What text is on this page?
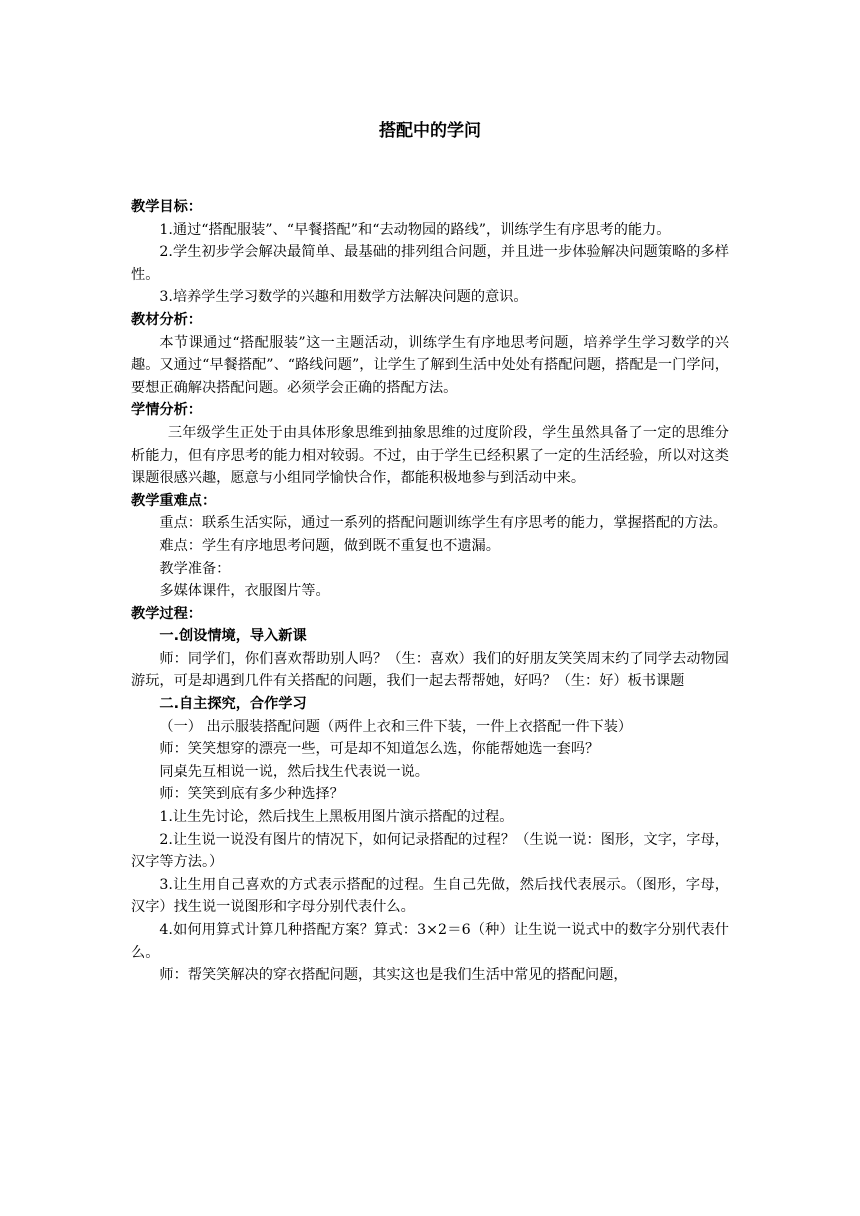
搭配中的学问

教学目标：

1.通过“搭配服装”、“早餐搭配”和“去动物园的路线”，训练学生有序思考的能力。

2.学生初步学会解决最简单、最基础的排列组合问题，并且进一步体验解决问题策略的多样性。

3.培养学生学习数学的兴趣和用数学方法解决问题的意识。

教材分析：

本节课通过“搭配服装”这一主题活动，训练学生有序地思考问题，培养学生学习数学的兴趣。又通过“早餐搭配”、“路线问题”，让学生了解到生活中处处有搭配问题，搭配是一门学问，要想正确解决搭配问题。必须学会正确的搭配方法。

学情分析：

三年级学生正处于由具体形象思维到抽象思维的过度阶段，学生虽然具备了一定的思维分析能力，但有序思考的能力相对较弱。不过，由于学生已经积累了一定的生活经验，所以对这类课题很感兴趣，愿意与小组同学愉快合作，都能积极地参与到活动中来。

教学重难点：

重点：联系生活实际，通过一系列的搭配问题训练学生有序思考的能力，掌握搭配的方法。

难点：学生有序地思考问题，做到既不重复也不遗漏。

教学准备：

多媒体课件，衣服图片等。

教学过程：

一.创设情境，导入新课

师：同学们，你们喜欢帮助别人吗？（生：喜欢）我们的好朋友笑笑周末约了同学去动物园游玩，可是却遇到几件有关搭配的问题，我们一起去帮帮她，好吗？（生：好）板书课题

二.自主探究，合作学习

（一） 出示服装搭配问题（两件上衣和三件下装，一件上衣搭配一件下装）

师：笑笑想穿的漂亮一些，可是却不知道怎么选，你能帮她选一套吗？

同桌先互相说一说，然后找生代表说一说。

师：笑笑到底有多少种选择？

1.让生先讨论，然后找生上黑板用图片演示搭配的过程。

2.让生说一说没有图片的情况下，如何记录搭配的过程？（生说一说：图形，文字，字母，汉字等方法。）

3.让生用自己喜欢的方式表示搭配的过程。生自己先做，然后找代表展示。（图形，字母，汉字）找生说一说图形和字母分别代表什么。

4.如何用算式计算几种搭配方案？算式：3×2＝6（种）让生说一说式中的数字分别代表什么。

师：帮笑笑解决的穿衣搭配问题，其实这也是我们生活中常见的搭配问题，
